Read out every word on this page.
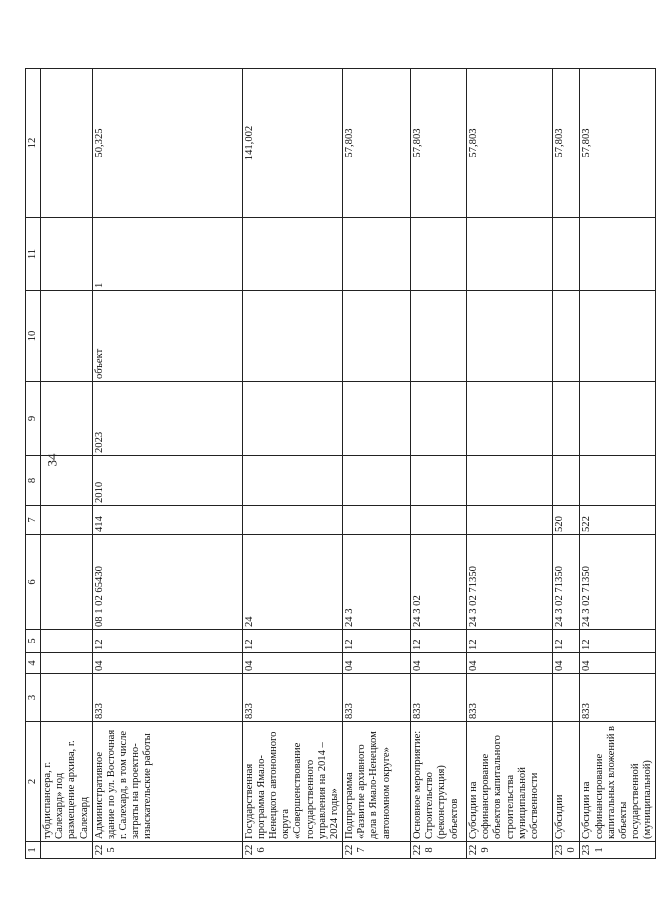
34
1	2	3	4	5	6	7	8	9	10	11	12
	тубдиспансера, г. Салехард» под размещение архива, г. Салехард										
225	Административное здание по ул. Восточная г. Салехард, в том числе затраты на проектно-изыскательские работы	833	04	12	08 1 02 65430	414	2010	2023	объект	1	50,325
226	Государственная программа Ямало-Ненецкого автономного округа «Совершенствование государственного управления на 2014 – 2024 годы»	833	04	12	24						141,002
227	Подпрограмма «Развитие архивного дела в Ямало-Ненецком автономном округе»	833	04	12	24 3						57,803
228	Основное мероприятие: Строительство (реконструкция) объектов	833	04	12	24 3 02						57,803
229	Субсидии на софинансирование объектов капитального строительства муниципальной собственности	833	04	12	24 3 02 71350						57,803
230	Субсидии		04	12	24 3 02 71350	520					57,803
231	Субсидии на софинансирование капитальных вложений в объекты государственной (муниципальной)	833	04	12	24 3 02 71350	522					57,803
